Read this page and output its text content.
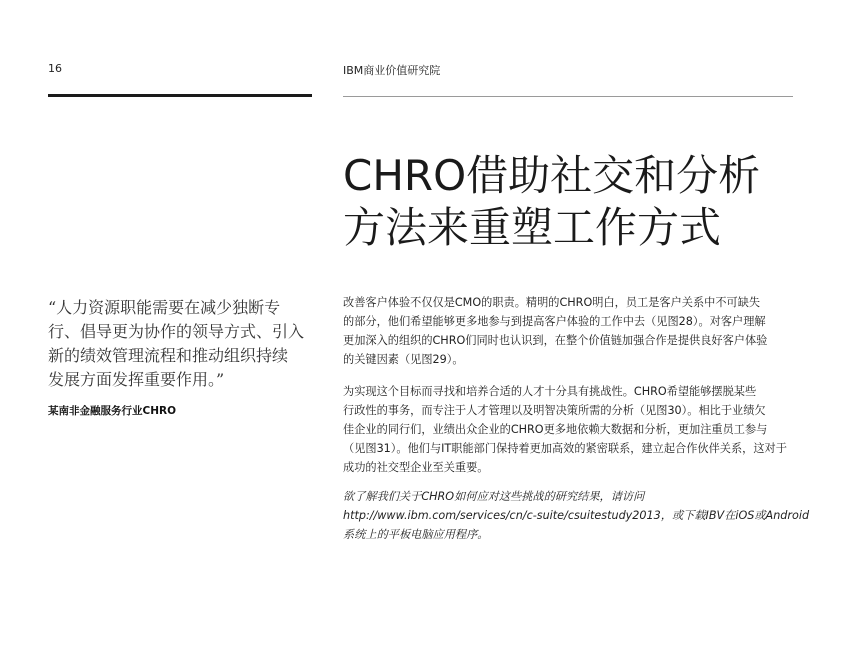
16	IBM商业价值研究院
CHRO借助社交和分析
方法来重塑工作方式
“人力资源职能需要在减少独断专
行、倡导更为协作的领导方式、引入
新的绩效管理流程和推动组织持续
发展方面发挥重要作用。”
某南非金融服务行业CHRO

改善客户体验不仅仅是CMO的职责。精明的CHRO明白，员工是客户关系中不可缺失
的部分，他们希望能够更多地参与到提高客户体验的工作中去（见图28）。对客户理解
更加深入的组织的CHRO们同时也认识到，在整个价值链加强合作是提供良好客户体验
的关键因素（见图29）。

为实现这个目标而寻找和培养合适的人才十分具有挑战性。CHRO希望能够摆脱某些
行政性的事务，而专注于人才管理以及明智决策所需的分析（见图30）。相比于业绩欠
佳企业的同行们，业绩出众企业的CHRO更多地依赖大数据和分析，更加注重员工参与
（见图31）。他们与IT职能部门保持着更加高效的紧密联系，建立起合作伙伴关系，这对于
成功的社交型企业至关重要。

欲了解我们关于CHRO如何应对这些挑战的研究结果，请访问
http://www.ibm.com/services/cn/c-suite/csuitestudy2013，或下载IBV在iOS或Android
系统上的平板电脑应用程序。
